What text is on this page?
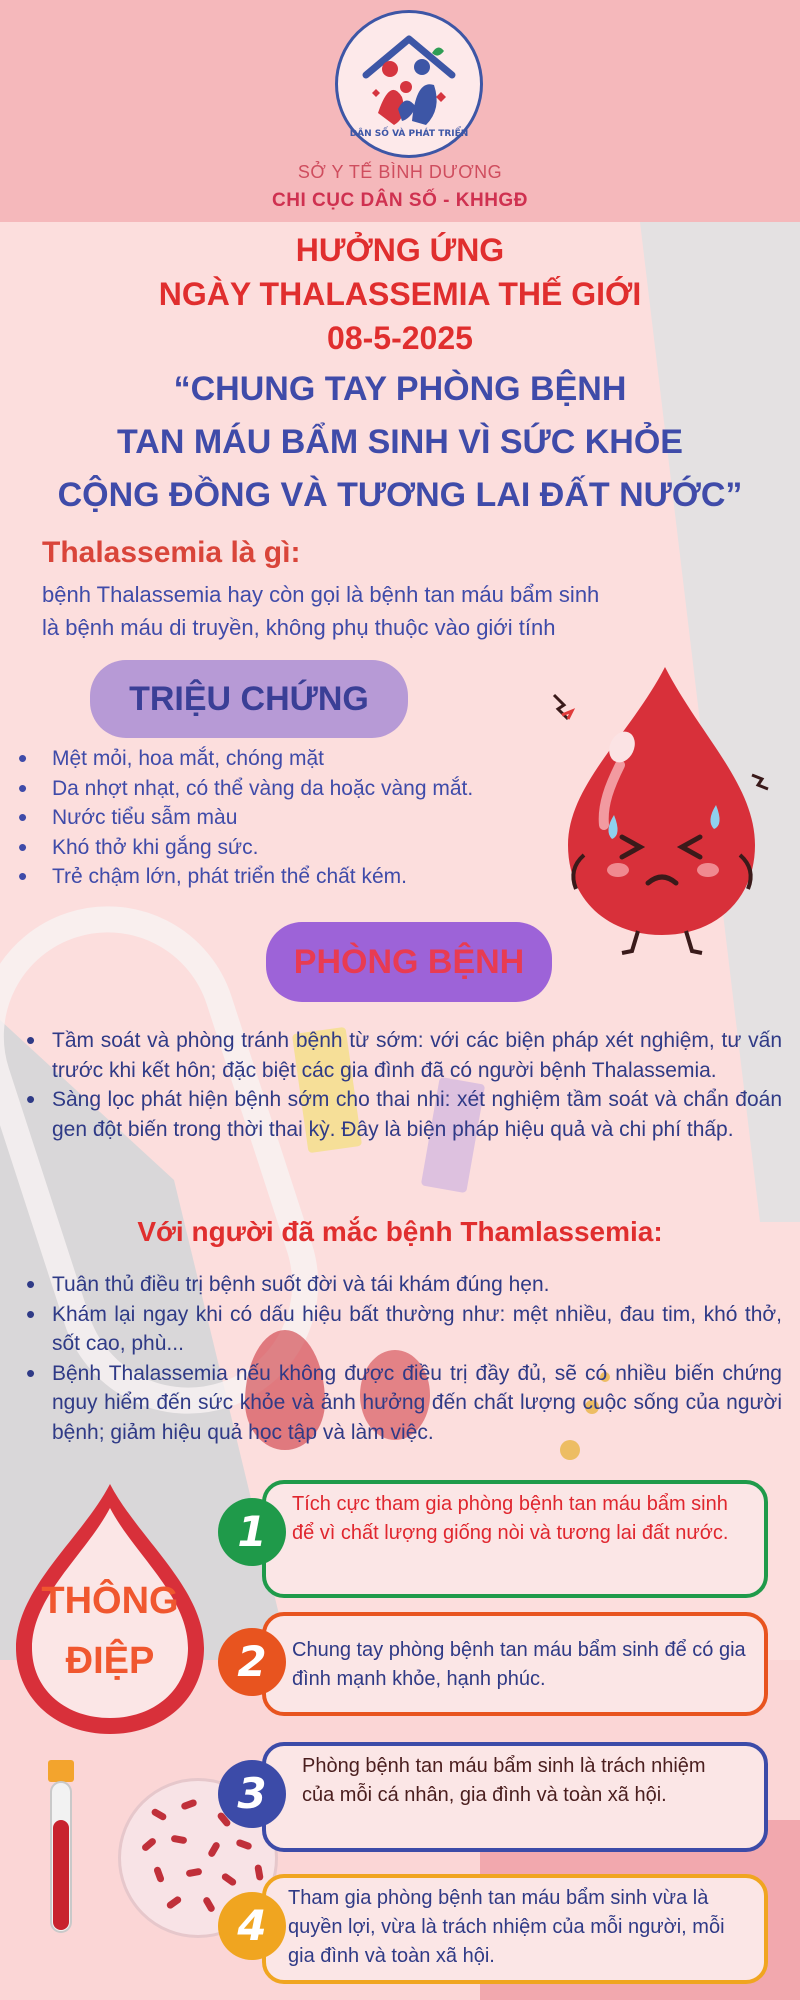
DÂN SỐ VÀ PHÁT TRIỂN
SỞ Y TẾ BÌNH DƯƠNG
CHI CỤC DÂN SỐ - KHHGĐ
HƯỞNG ỨNG
NGÀY THALASSEMIA THẾ GIỚI
08-5-2025
“CHUNG TAY PHÒNG BỆNH
TAN MÁU BẨM SINH VÌ SỨC KHỎE
CỘNG ĐỒNG VÀ TƯƠNG LAI ĐẤT NƯỚC”
Thalassemia là gì:
bệnh Thalassemia hay còn gọi là bệnh tan máu bẩm sinh
là bệnh máu di truyền, không phụ thuộc vào giới tính
TRIỆU CHỨNG
• Mệt mỏi, hoa mắt, chóng mặt
• Da nhợt nhạt, có thể vàng da hoặc vàng mắt.
• Nước tiểu sẫm màu
• Khó thở khi gắng sức.
• Trẻ chậm lớn, phát triển thể chất kém.
PHÒNG BỆNH
• Tầm soát và phòng tránh bệnh từ sớm: với các biện pháp xét nghiệm, tư vấn trước khi kết hôn; đặc biệt các gia đình đã có người bệnh Thalassemia.
• Sàng lọc phát hiện bệnh sớm cho thai nhi: xét nghiệm tầm soát và chẩn đoán gen đột biến trong thời thai kỳ. Đây là biện pháp hiệu quả và chi phí thấp.
Với người đã mắc bệnh Thamlassemia:
• Tuân thủ điều trị bệnh suốt đời và tái khám đúng hẹn.
• Khám lại ngay khi có dấu hiệu bất thường như: mệt nhiều, đau tim, khó thở, sốt cao, phù...
• Bệnh Thalassemia nếu không được điều trị đầy đủ, sẽ có nhiều biến chứng nguy hiểm đến sức khỏe và ảnh hưởng đến chất lượng cuộc sống của người bệnh; giảm hiệu quả học tập và làm việc.
THÔNG
ĐIỆP
1
Tích cực tham gia phòng bệnh tan máu bẩm sinh để vì chất lượng giống nòi và tương lai đất nước.
2	Chung tay phòng bệnh tan máu bẩm sinh để có gia đình mạnh khỏe, hạnh phúc.
3
Phòng bệnh tan máu bẩm sinh là trách nhiệm của mỗi cá nhân, gia đình và toàn xã hội.
4
Tham gia phòng bệnh tan máu bẩm sinh vừa là quyền lợi, vừa là trách nhiệm của mỗi người, mỗi gia đình và toàn xã hội.
